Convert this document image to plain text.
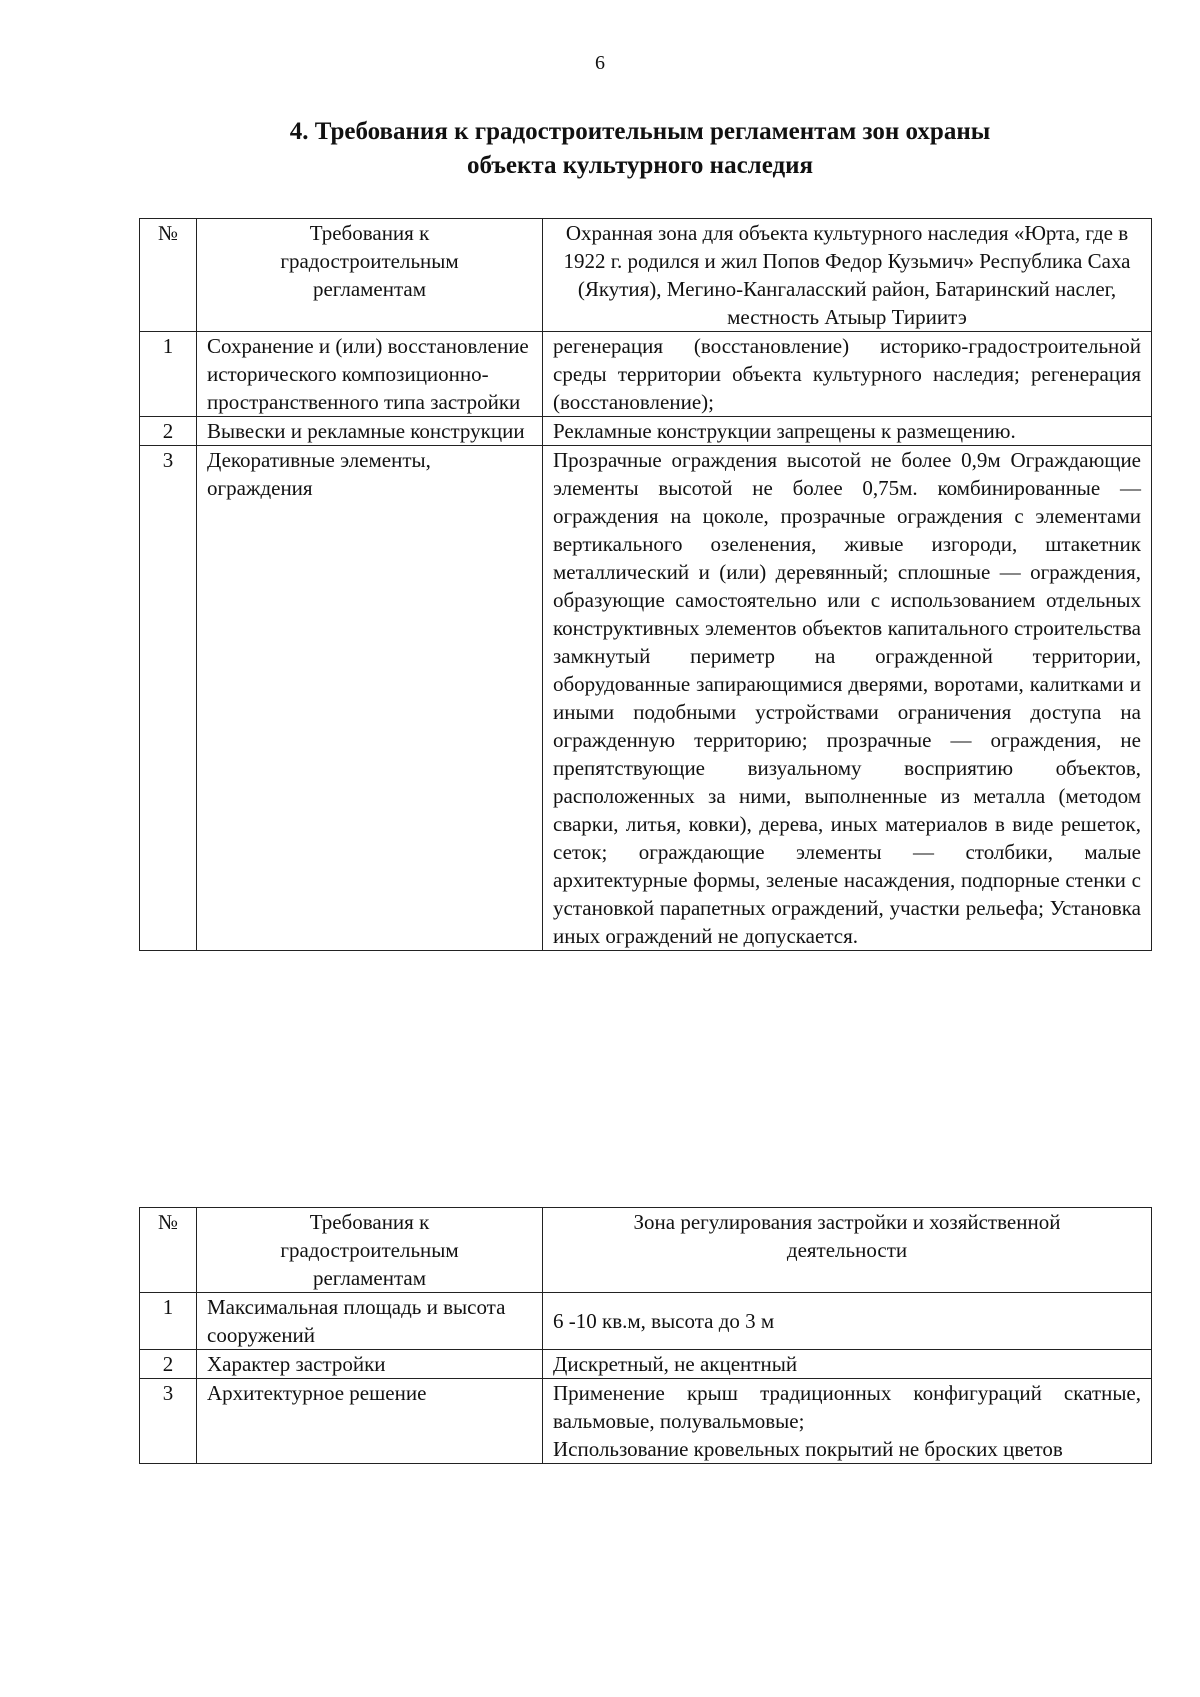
6
4. Требования к градостроительным регламентам зон охраны
объекта культурного наследия
№	Требования к градостроительным регламентам	Охранная зона для объекта культурного наследия «Юрта, где в 1922 г. родился и жил Попов Федор Кузьмич» Республика Саха (Якутия), Мегино-Кангаласский район, Батаринский наслег, местность Атыыр Тириитэ
1	Сохранение и (или) восстановление исторического композиционно-пространственного типа застройки	регенерация (восстановление) историко-градостроительной среды территории объекта культурного наследия; регенерация (восстановление);
2	Вывески и рекламные конструкции	Рекламные конструкции запрещены к размещению.
3	Декоративные элементы, ограждения	Прозрачные ограждения высотой не более 0,9м Ограждающие элементы высотой не более 0,75м. комбинированные — ограждения на цоколе, прозрачные ограждения с элементами вертикального озеленения, живые изгороди, штакетник металлический и (или) деревянный; сплошные — ограждения, образующие самостоятельно или с использованием отдельных конструктивных элементов объектов капитального строительства замкнутый периметр на огражденной территории, оборудованные запирающимися дверями, воротами, калитками и иными подобными устройствами ограничения доступа на огражденную территорию; прозрачные — ограждения, не препятствующие визуальному восприятию объектов, расположенных за ними, выполненные из металла (методом сварки, литья, ковки), дерева, иных материалов в виде решеток, сеток; ограждающие элементы — столбики, малые архитектурные формы, зеленые насаждения, подпорные стенки с установкой парапетных ограждений, участки рельефа; Установка иных ограждений не допускается.
№	Требования к градостроительным регламентам	Зона регулирования застройки и хозяйственной деятельности
1	Максимальная площадь и высота сооружений	6 -10 кв.м, высота до 3 м
2	Характер застройки	Дискретный, не акцентный
3	Архитектурное решение	Применение крыш традиционных конфигураций скатные, вальмовые, полувальмовые;
Использование кровельных покрытий не броских цветов
